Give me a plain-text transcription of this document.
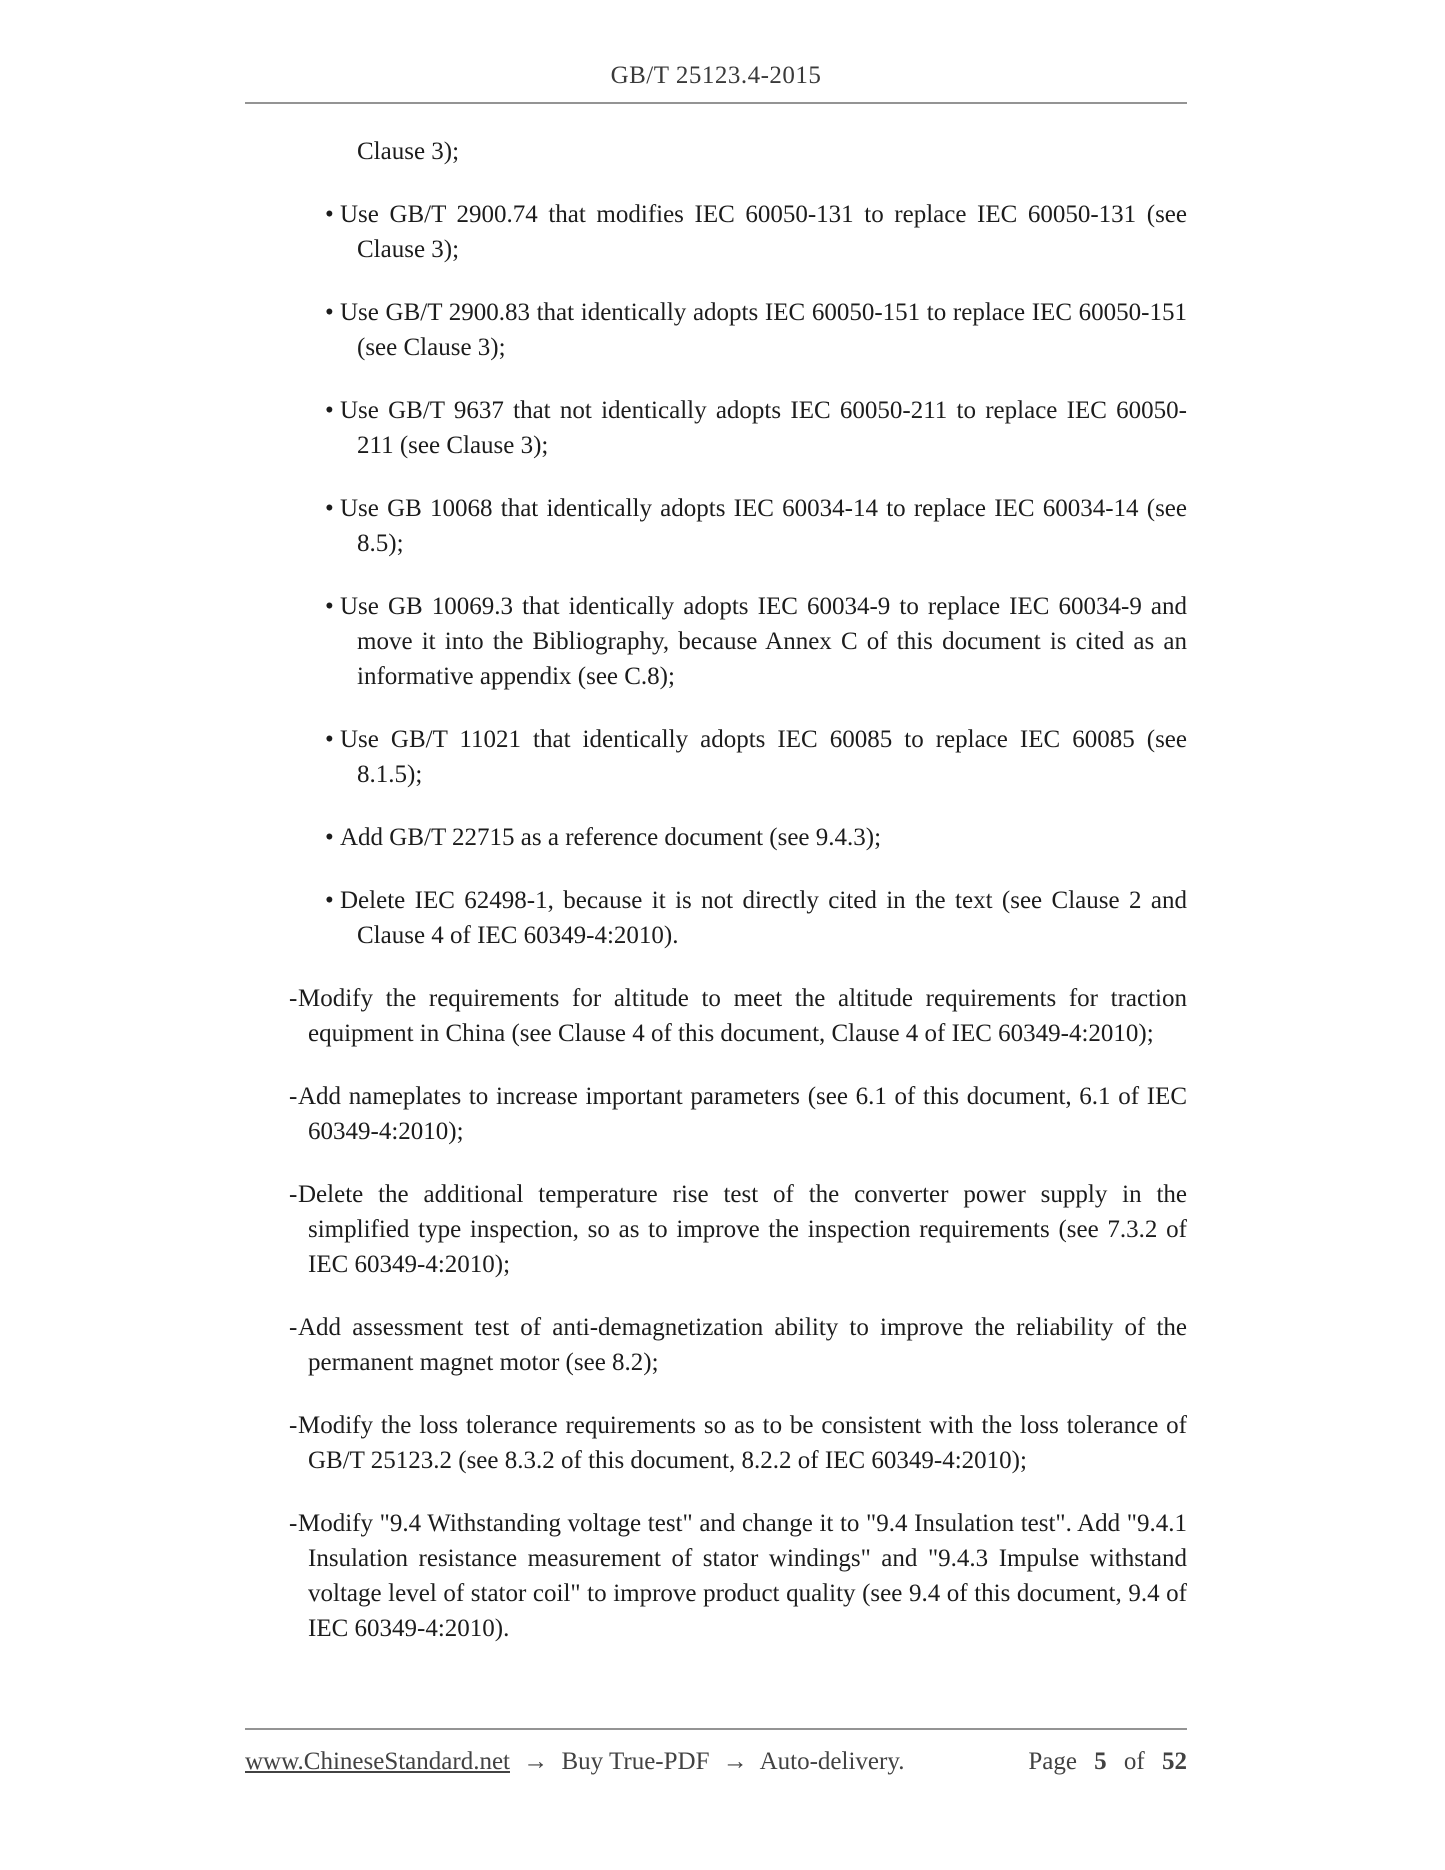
GB/T 25123.4-2015
Clause 3);
• Use GB/T 2900.74 that modifies IEC 60050-131 to replace IEC 60050-131 (see Clause 3);
• Use GB/T 2900.83 that identically adopts IEC 60050-151 to replace IEC 60050-151 (see Clause 3);
• Use GB/T 9637 that not identically adopts IEC 60050-211 to replace IEC 60050-211 (see Clause 3);
• Use GB 10068 that identically adopts IEC 60034-14 to replace IEC 60034-14 (see 8.5);
• Use GB 10069.3 that identically adopts IEC 60034-9 to replace IEC 60034-9 and move it into the Bibliography, because Annex C of this document is cited as an informative appendix (see C.8);
• Use GB/T 11021 that identically adopts IEC 60085 to replace IEC 60085 (see 8.1.5);
• Add GB/T 22715 as a reference document (see 9.4.3);
• Delete IEC 62498-1, because it is not directly cited in the text (see Clause 2 and Clause 4 of IEC 60349-4:2010).
- Modify the requirements for altitude to meet the altitude requirements for traction equipment in China (see Clause 4 of this document, Clause 4 of IEC 60349-4:2010);
- Add nameplates to increase important parameters (see 6.1 of this document, 6.1 of IEC 60349-4:2010);
- Delete the additional temperature rise test of the converter power supply in the simplified type inspection, so as to improve the inspection requirements (see 7.3.2 of IEC 60349-4:2010);
- Add assessment test of anti-demagnetization ability to improve the reliability of the permanent magnet motor (see 8.2);
- Modify the loss tolerance requirements so as to be consistent with the loss tolerance of GB/T 25123.2 (see 8.3.2 of this document, 8.2.2 of IEC 60349-4:2010);
- Modify "9.4 Withstanding voltage test" and change it to "9.4 Insulation test". Add "9.4.1 Insulation resistance measurement of stator windings" and "9.4.3 Impulse withstand voltage level of stator coil" to improve product quality (see 9.4 of this document, 9.4 of IEC 60349-4:2010).
www.ChineseStandard.net → Buy True-PDF → Auto-delivery.	Page 5 of 52
